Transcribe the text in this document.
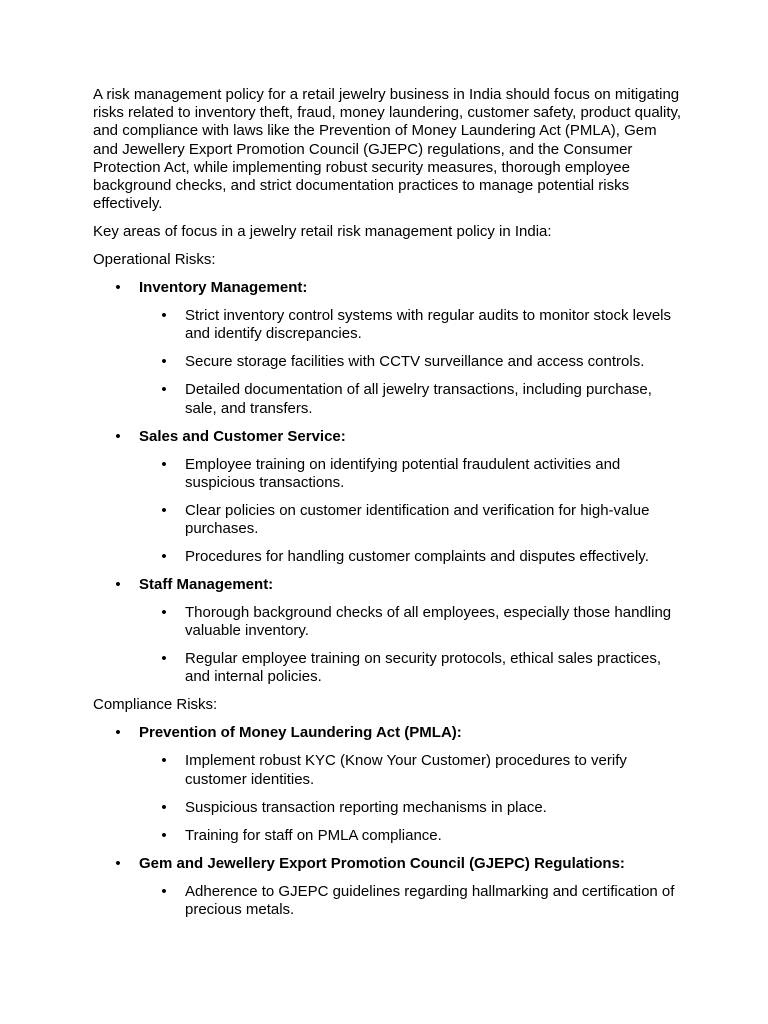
A risk management policy for a retail jewelry business in India should focus on mitigating risks related to inventory theft, fraud, money laundering, customer safety, product quality, and compliance with laws like the Prevention of Money Laundering Act (PMLA), Gem and Jewellery Export Promotion Council (GJEPC) regulations, and the Consumer Protection Act, while implementing robust security measures, thorough employee background checks, and strict documentation practices to manage potential risks effectively.

Key areas of focus in a jewelry retail risk management policy in India:

Operational Risks:

• Inventory Management:
• Strict inventory control systems with regular audits to monitor stock levels and identify discrepancies.
• Secure storage facilities with CCTV surveillance and access controls.
• Detailed documentation of all jewelry transactions, including purchase, sale, and transfers.
• Sales and Customer Service:
• Employee training on identifying potential fraudulent activities and suspicious transactions.
• Clear policies on customer identification and verification for high-value purchases.
• Procedures for handling customer complaints and disputes effectively.
• Staff Management:
• Thorough background checks of all employees, especially those handling valuable inventory.
• Regular employee training on security protocols, ethical sales practices, and internal policies.

Compliance Risks:

• Prevention of Money Laundering Act (PMLA):
• Implement robust KYC (Know Your Customer) procedures to verify customer identities.
• Suspicious transaction reporting mechanisms in place.
• Training for staff on PMLA compliance.
• Gem and Jewellery Export Promotion Council (GJEPC) Regulations:
• Adherence to GJEPC guidelines regarding hallmarking and certification of precious metals.
